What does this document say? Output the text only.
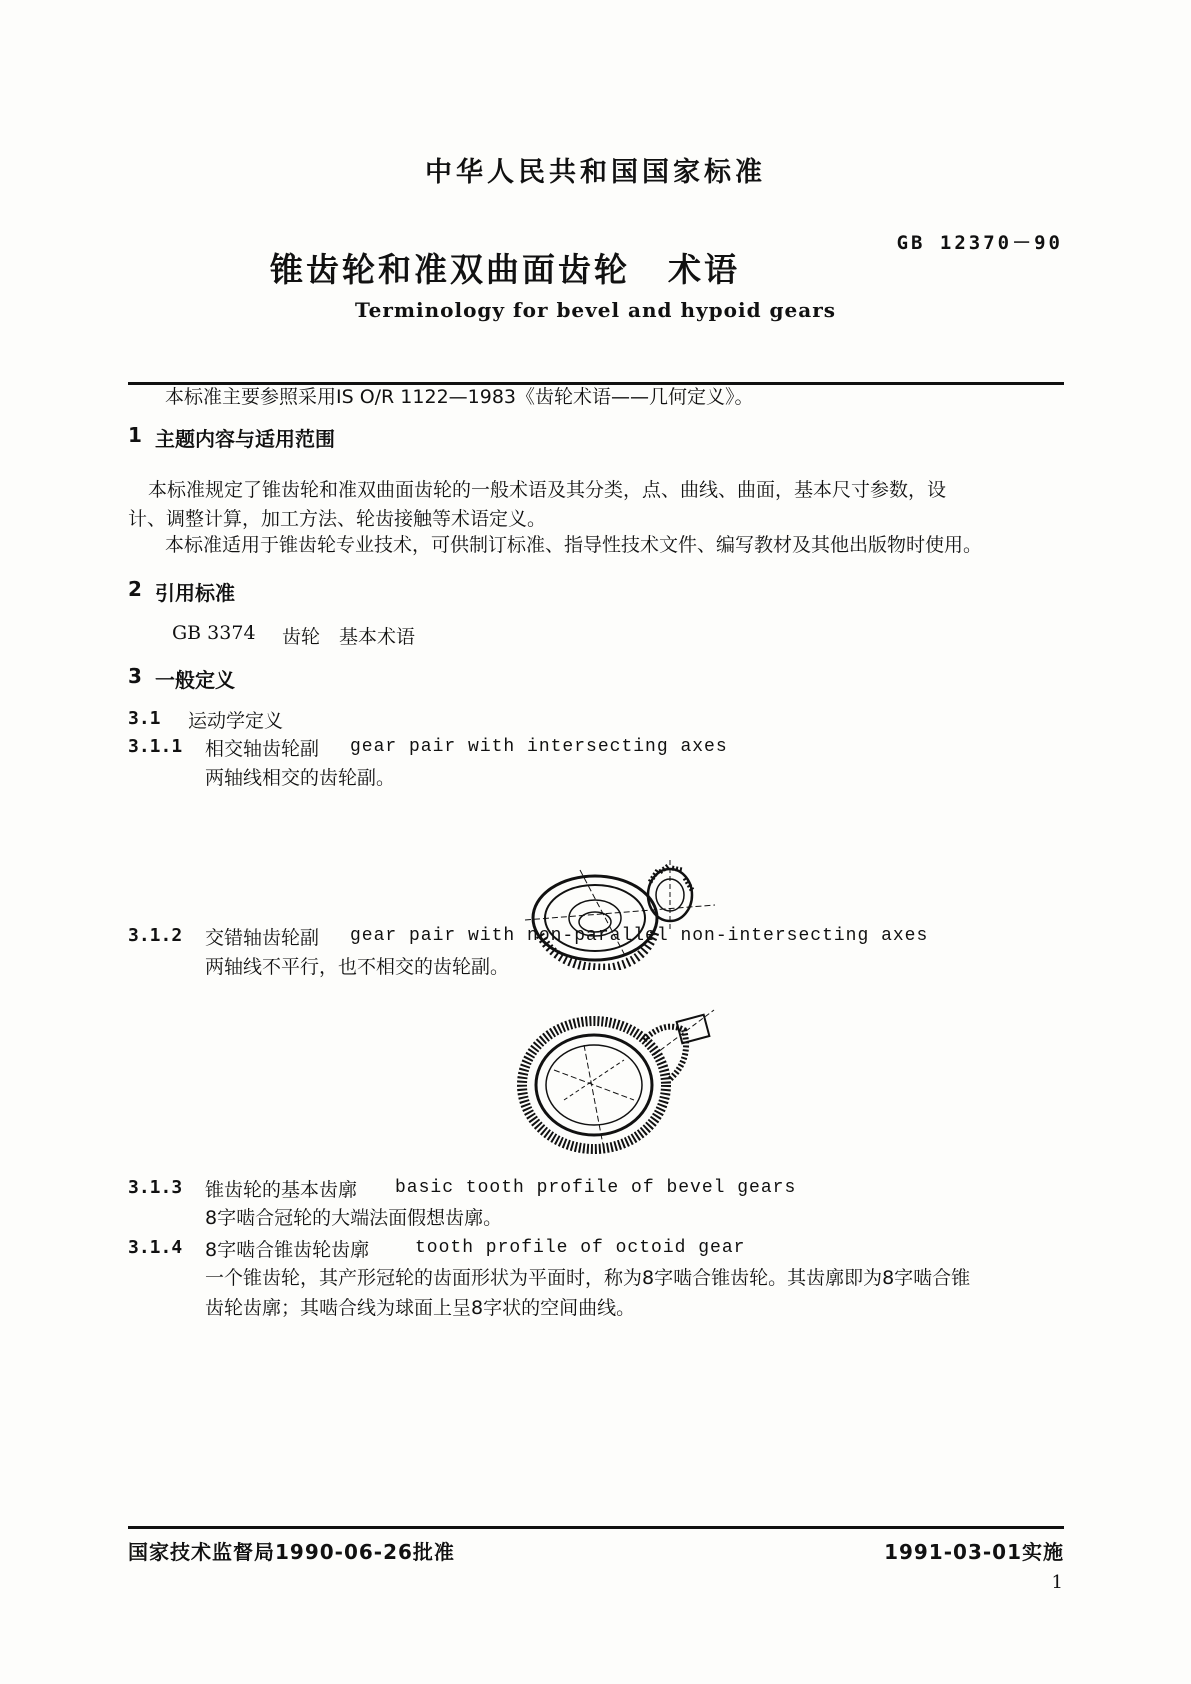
中华人民共和国国家标准
锥齿轮和准双曲面齿轮 术语
GB 12370－90
Terminology for bevel and hypoid gears
本标准主要参照采用IS O/R 1122—1983《齿轮术语——几何定义》。
1 主题内容与适用范围
本标准规定了锥齿轮和准双曲面齿轮的一般术语及其分类，点、曲线、曲面，基本尺寸参数，设
计、调整计算，加工方法、轮齿接触等术语定义。
本标准适用于锥齿轮专业技术，可供制订标准、指导性技术文件、编写教材及其他出版物时使用。
2 引用标准
GB 3374 齿轮　基本术语
3 一般定义
3.1 运动学定义
3.1.1 相交轴齿轮副 gear pair with intersecting axes
两轴线相交的齿轮副。
3.1.2 交错轴齿轮副 gear pair with non-parallel non-intersecting axes
两轴线不平行，也不相交的齿轮副。
3.1.3 锥齿轮的基本齿廓 basic tooth profile of bevel gears
8字啮合冠轮的大端法面假想齿廓。
3.1.4 8字啮合锥齿轮齿廓	tooth profile of octoid gear
一个锥齿轮，其产形冠轮的齿面形状为平面时，称为8字啮合锥齿轮。其齿廓即为8字啮合锥
齿轮齿廓；其啮合线为球面上呈8字状的空间曲线。
国家技术监督局1990-06-26批准	1991-03-01实施
1
